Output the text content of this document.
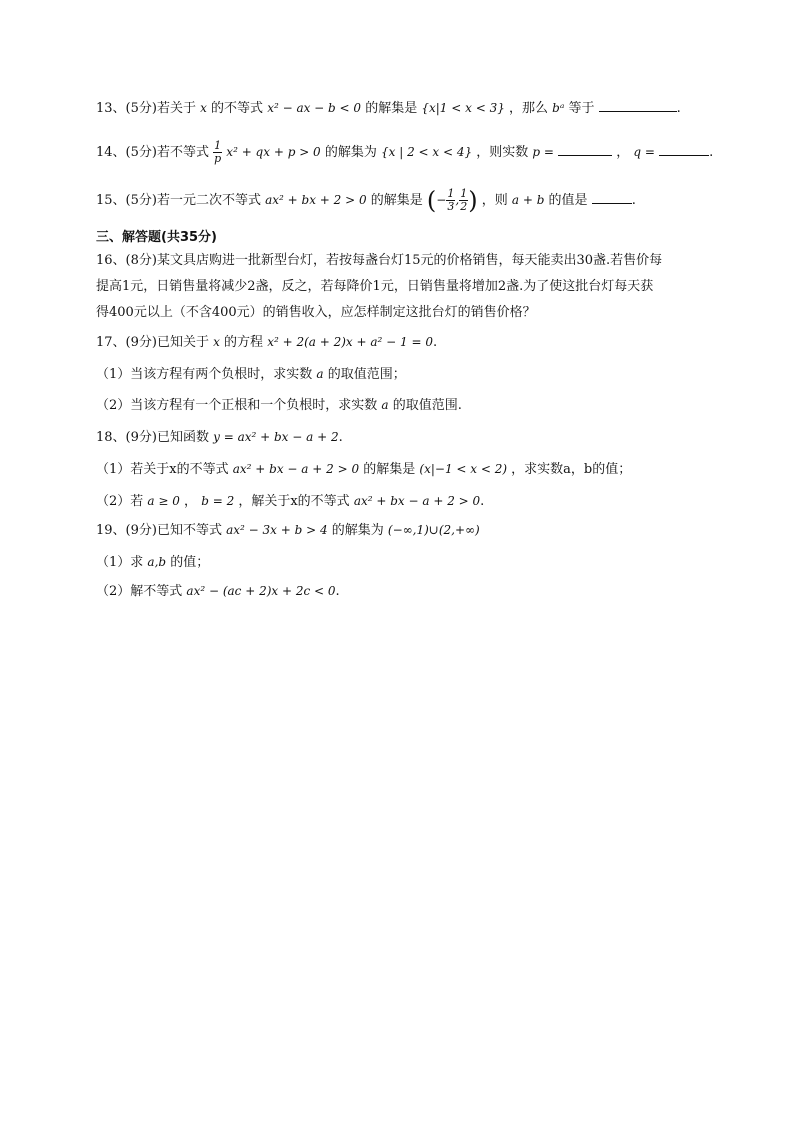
13、(5分)若关于 x 的不等式 x² − ax − b < 0 的解集是 {x|1 < x < 3} ，那么 bᵃ 等于	.
14、(5分)若不等式 $\frac{1}{p} x^2$ + qx + p > 0 的解集为 {x | 2 < x < 4} ，则实数 p =	， q =	.
15、(5分)若一元二次不等式 ax² + bx + 2 > 0 的解集是 (− $\frac{1}{3}$ , $\frac{1}{2}$ ) ，则 a + b 的值是	.
三、解答题(共35分)
16、(8分)某文具店购进一批新型台灯，若按每盏台灯15元的价格销售，每天能卖出30盏.若售价每
提高1元，日销售量将减少2盏，反之，若每降价1元，日销售量将增加2盏.为了使这批台灯每天获
得400元以上（不含400元）的销售收入，应怎样制定这批台灯的销售价格？
17、(9分)已知关于 x 的方程 x² + 2(a + 2)x + a² − 1 = 0.
（1）当该方程有两个负根时，求实数 a 的取值范围；
（2）当该方程有一个正根和一个负根时，求实数 a 的取值范围.
18、(9分)已知函数 y = ax² + bx − a + 2.
（1）若关于x的不等式 ax² + bx − a + 2 > 0 的解集是 (x|−1 < x < 2) ，求实数a，b的值；
（2）若 a ≥ 0 ， b = 2 ，解关于x的不等式 ax² + bx − a + 2 > 0.
19、(9分)已知不等式 ax² − 3x + b > 4 的解集为 (−∞,1)∪(2,+∞)
（1）求 a,b 的值；
（2）解不等式 ax² − (ac + 2)x + 2c < 0.
